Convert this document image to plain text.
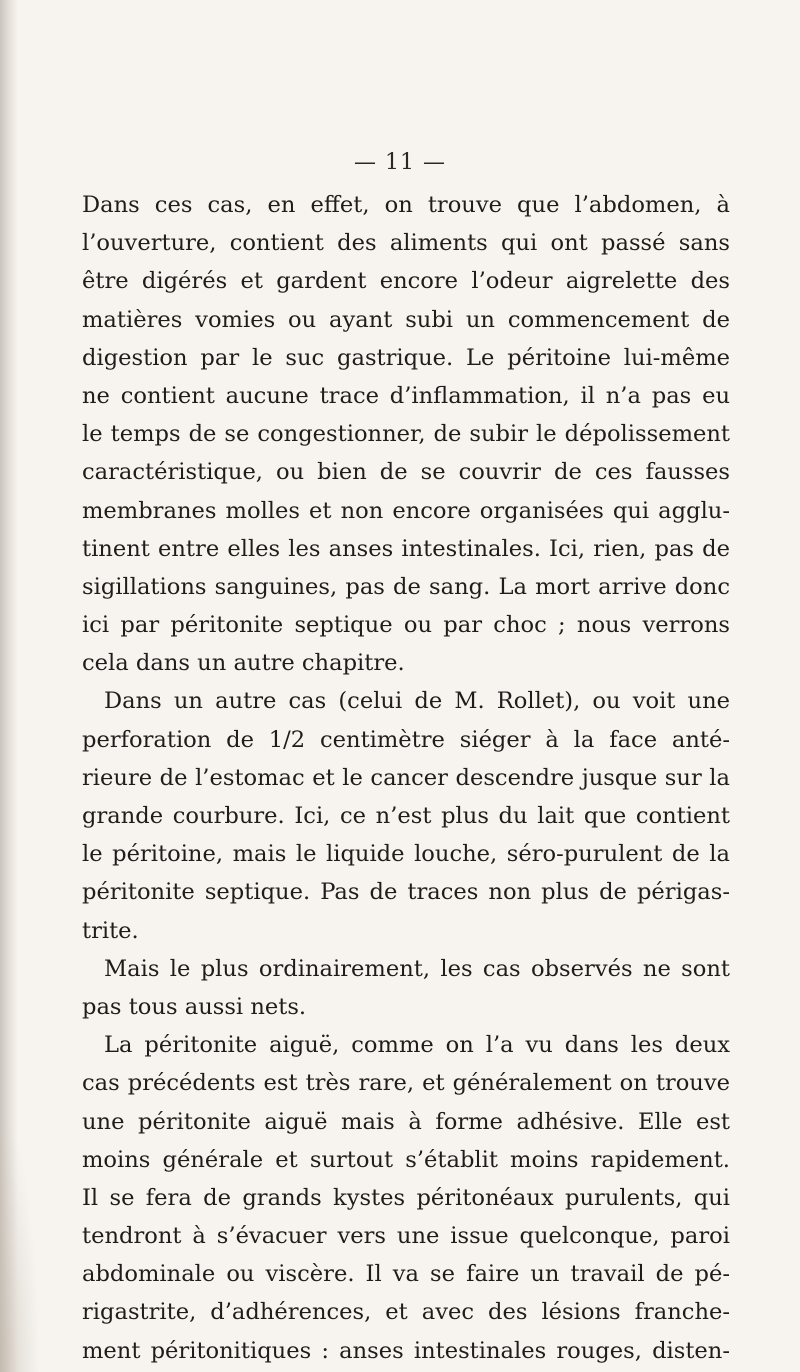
— 11 —
Dans ces cas, en effet, on trouve que l’abdomen, à
l’ouverture, contient des aliments qui ont passé sans
être digérés et gardent encore l’odeur aigrelette des
matières vomies ou ayant subi un commencement de
digestion par le suc gastrique. Le péritoine lui-même
ne contient aucune trace d’inflammation, il n’a pas eu
le temps de se congestionner, de subir le dépolissement
caractéristique, ou bien de se couvrir de ces fausses
membranes molles et non encore organisées qui agglu-
tinent entre elles les anses intestinales. Ici, rien, pas de
sigillations sanguines, pas de sang. La mort arrive donc
ici par péritonite septique ou par choc ; nous verrons
cela dans un autre chapitre.
Dans un autre cas (celui de M. Rollet), ou voit une
perforation de 1/2 centimètre siéger à la face anté-
rieure de l’estomac et le cancer descendre jusque sur la
grande courbure. Ici, ce n’est plus du lait que contient
le péritoine, mais le liquide louche, séro-purulent de la
péritonite septique. Pas de traces non plus de périgas-
trite.
Mais le plus ordinairement, les cas observés ne sont
pas tous aussi nets.
La péritonite aiguë, comme on l’a vu dans les deux
cas précédents est très rare, et généralement on trouve
une péritonite aiguë mais à forme adhésive. Elle est
moins générale et surtout s’établit moins rapidement.
Il se fera de grands kystes péritonéaux purulents, qui
tendront à s’évacuer vers une issue quelconque, paroi
abdominale ou viscère. Il va se faire un travail de pé-
rigastrite, d’adhérences, et avec des lésions franche-
ment péritonitiques : anses intestinales rouges, disten-
